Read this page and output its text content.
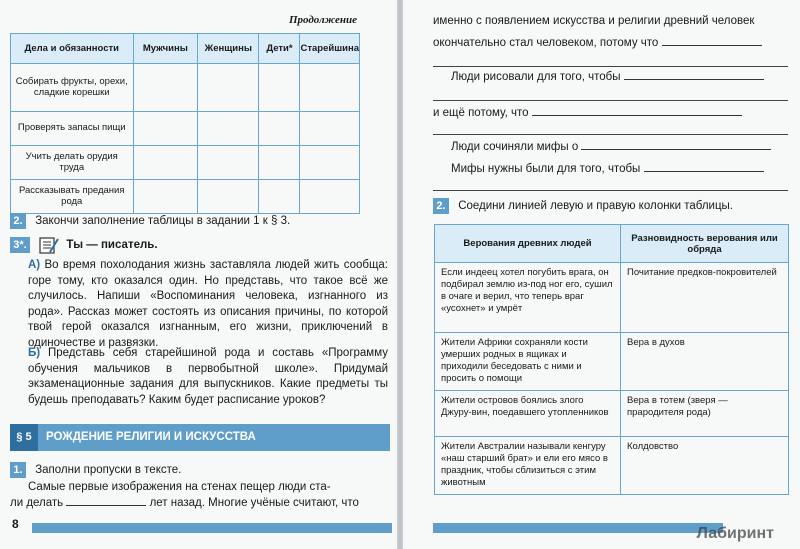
Продолжение
Дела и обязанности	Мужчины	Женщины	Дети*	Старейшина
Собирать фрукты, орехи, сладкие корешки				
Проверять запасы пищи				
Учить делать орудия труда				
Рассказывать предания рода				
2. Закончи заполнение таблицы в задании 1 к § 3.
3*.	Ты — писатель.
А) Во время похолодания жизнь заставляла людей жить сообща: горе тому, кто оказался один. Но представь, что такое всё же случилось. Напиши «Воспоминания человека, изгнанного из рода». Рассказ может состоять из описания причины, по которой твой герой оказался изгнанным, его жизни, приключений в одиночестве и развязки.
Б) Представь себя старейшиной рода и составь «Программу обучения мальчиков в первобытной школе». Придумай экзаменационные задания для выпускников. Какие предметы ты будешь преподавать? Каким будет расписание уроков?
§ 5	РОЖДЕНИЕ РЕЛИГИИ И ИСКУССТВА
1. Заполни пропуски в тексте.
Самые первые изображения на стенах пещер люди ста-
ли делать	лет назад. Многие учёные считают, что
8
именно с появлением искусства и религии древний человек
окончательно стал человеком, потому что
Люди рисовали для того, чтобы
и ещё потому, что
Люди сочиняли мифы о
Мифы нужны были для того, чтобы
2. Соедини линией левую и правую колонки таблицы.
Верования древних людей	Разновидность верования или обряда
Если индеец хотел погубить врага, он подбирал землю из-под ног его, сушил в очаге и верил, что теперь враг «усохнет» и умрёт	Почитание предков-покровителей
Жители Африки сохраняли кости умерших родных в ящиках и приходили беседовать с ними и просить о помощи	Вера в духов
Жители островов боялись злого Джуру-вин, поедавшего утопленников	Вера в тотем (зверя — прародителя рода)
Жители Австралии называли кенгуру «наш старший брат» и ели его мясо в праздник, чтобы сблизиться с этим животным	Колдовство
Лабиринт
